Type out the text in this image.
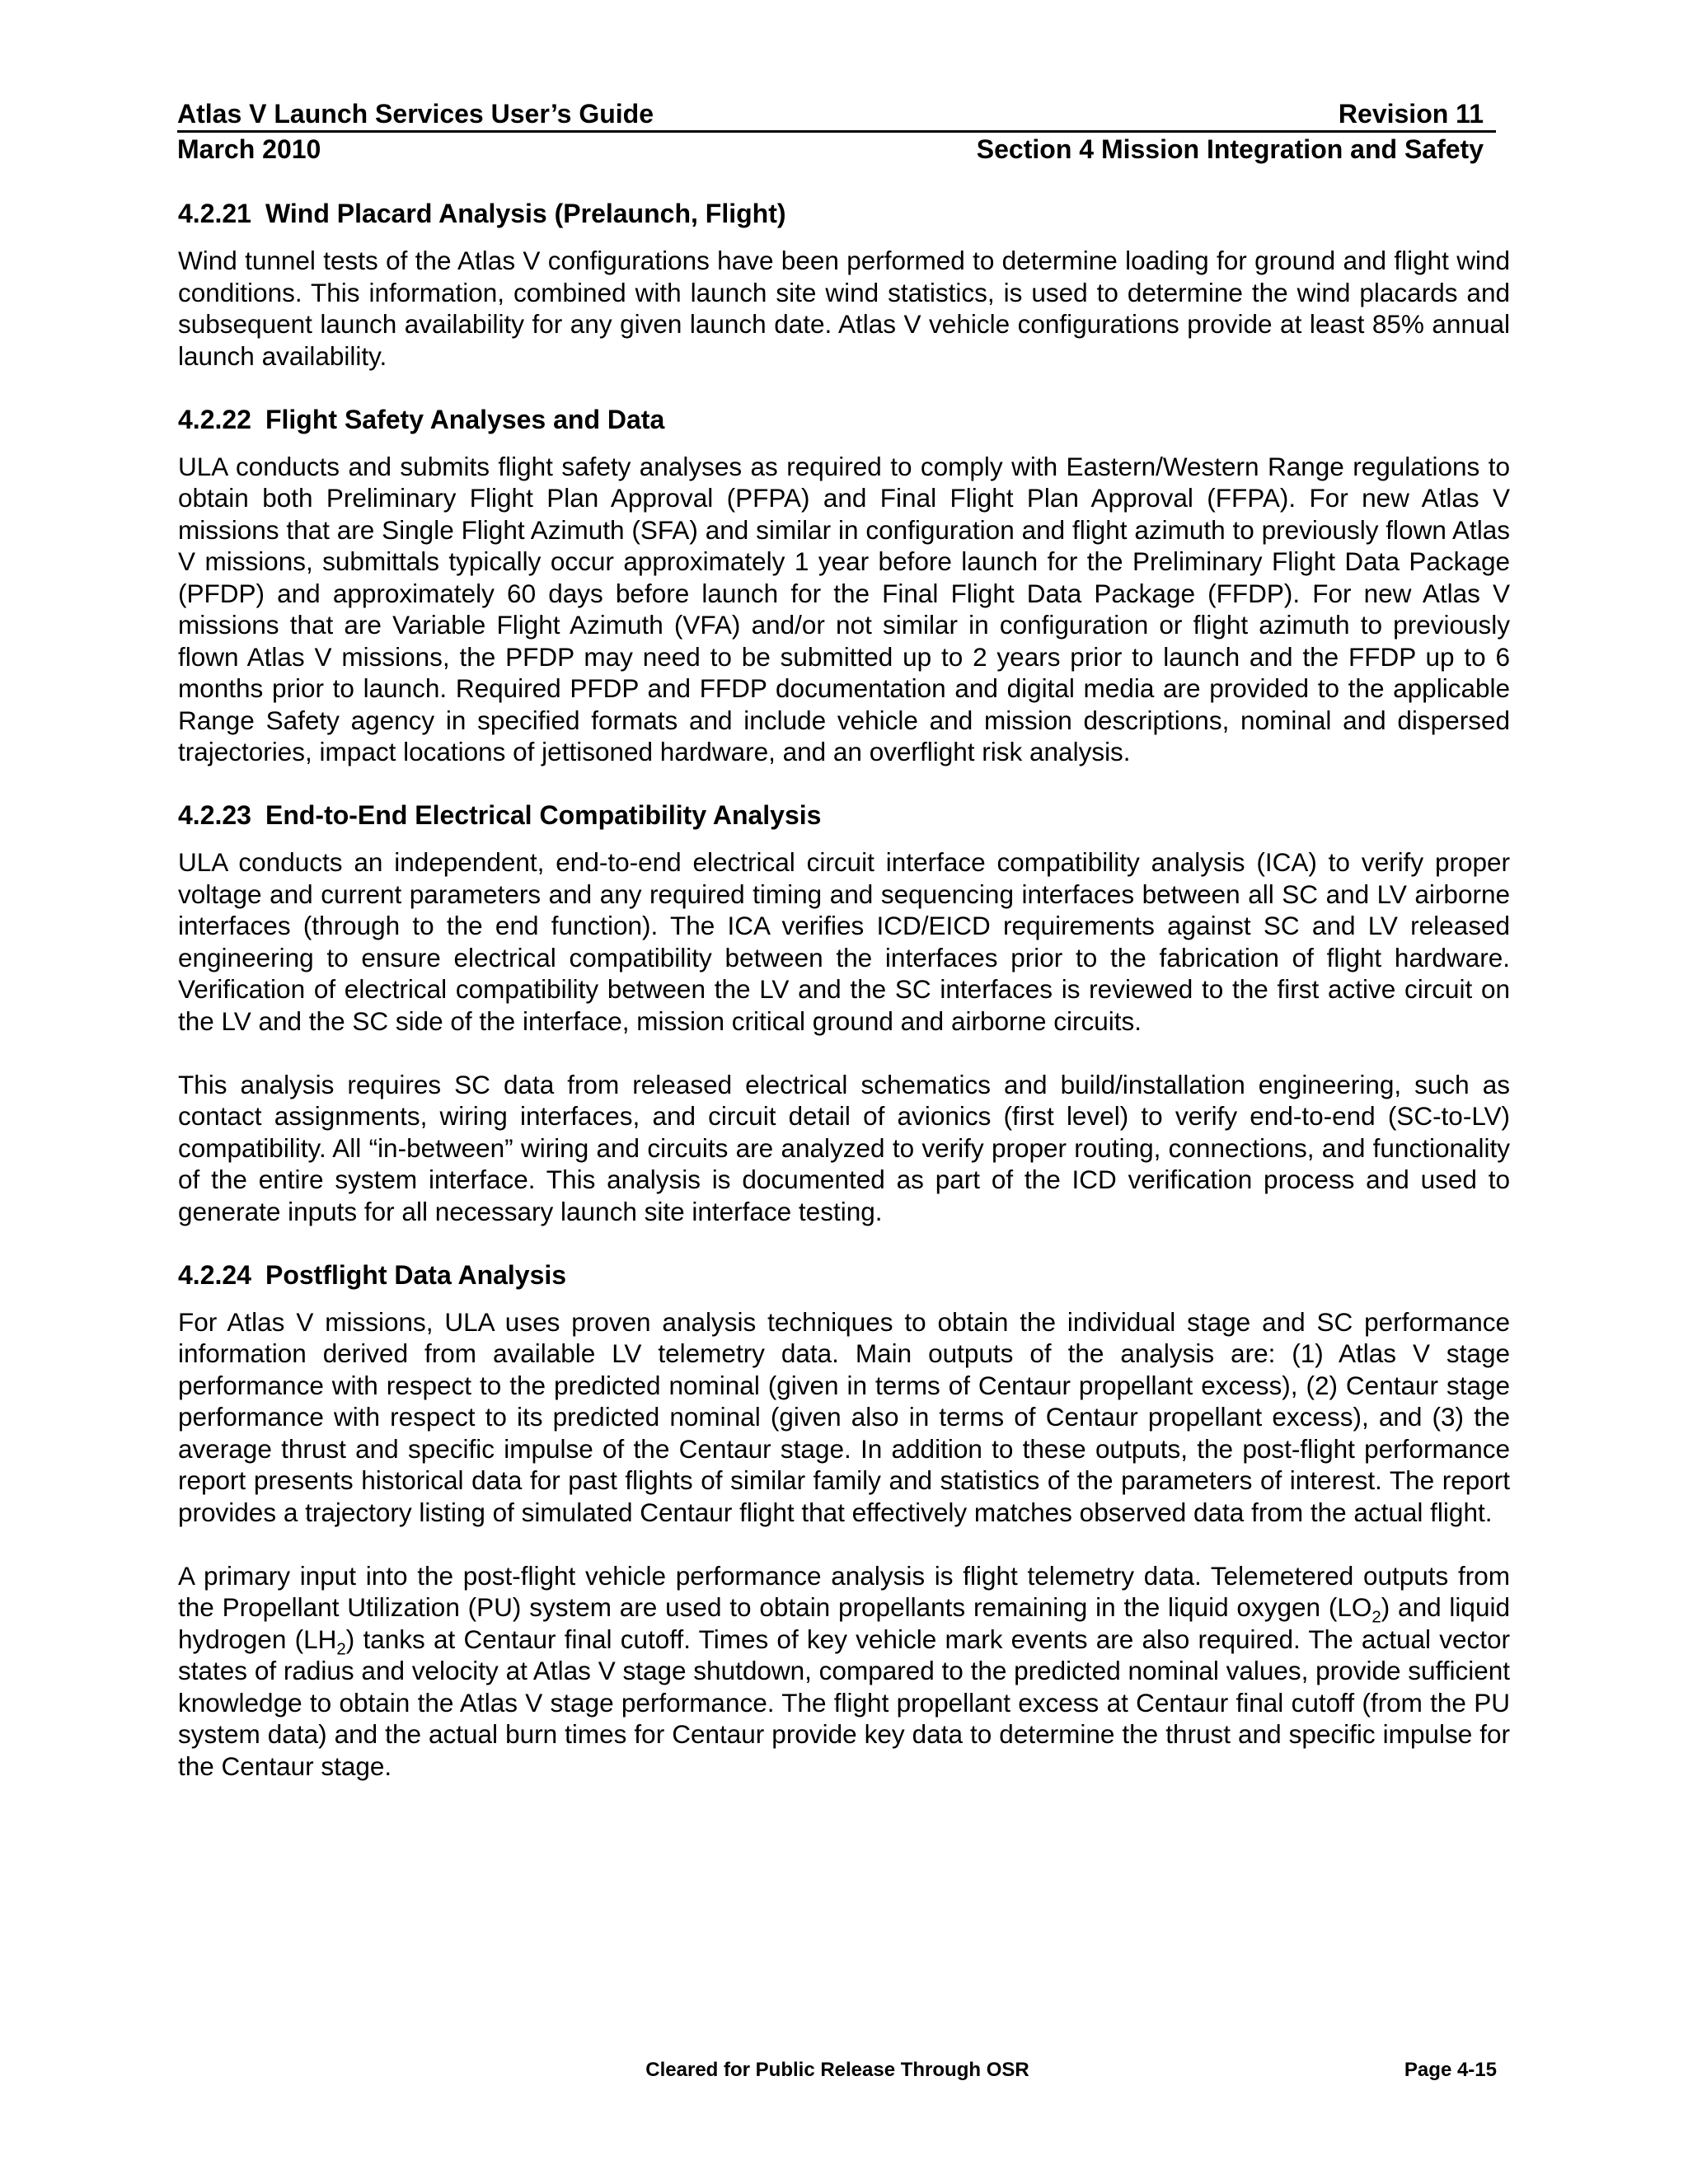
Atlas V Launch Services User’s Guide	Revision 11
March 2010	Section 4 Mission Integration and Safety
4.2.21 Wind Placard Analysis (Prelaunch, Flight)

Wind tunnel tests of the Atlas V configurations have been performed to determine loading for ground and flight wind conditions. This information, combined with launch site wind statistics, is used to determine the wind placards and subsequent launch availability for any given launch date. Atlas V vehicle configurations provide at least 85% annual launch availability.

4.2.22 Flight Safety Analyses and Data

ULA conducts and submits flight safety analyses as required to comply with Eastern/Western Range regulations to obtain both Preliminary Flight Plan Approval (PFPA) and Final Flight Plan Approval (FFPA). For new Atlas V missions that are Single Flight Azimuth (SFA) and similar in configuration and flight azimuth to previously flown Atlas V missions, submittals typically occur approximately 1 year before launch for the Preliminary Flight Data Package (PFDP) and approximately 60 days before launch for the Final Flight Data Package (FFDP). For new Atlas V missions that are Variable Flight Azimuth (VFA) and/or not similar in configuration or flight azimuth to previously flown Atlas V missions, the PFDP may need to be submitted up to 2 years prior to launch and the FFDP up to 6 months prior to launch. Required PFDP and FFDP documentation and digital media are provided to the applicable Range Safety agency in specified formats and include vehicle and mission descriptions, nominal and dispersed trajectories, impact locations of jettisoned hardware, and an overflight risk analysis.

4.2.23 End-to-End Electrical Compatibility Analysis

ULA conducts an independent, end-to-end electrical circuit interface compatibility analysis (ICA) to verify proper voltage and current parameters and any required timing and sequencing interfaces between all SC and LV airborne interfaces (through to the end function). The ICA verifies ICD/EICD requirements against SC and LV released engineering to ensure electrical compatibility between the interfaces prior to the fabrication of flight hardware. Verification of electrical compatibility between the LV and the SC interfaces is reviewed to the first active circuit on the LV and the SC side of the interface, mission critical ground and airborne circuits.

This analysis requires SC data from released electrical schematics and build/installation engineering, such as contact assignments, wiring interfaces, and circuit detail of avionics (first level) to verify end-to-end (SC-to-LV) compatibility. All “in-between” wiring and circuits are analyzed to verify proper routing, connections, and functionality of the entire system interface. This analysis is documented as part of the ICD verification process and used to generate inputs for all necessary launch site interface testing.

4.2.24 Postflight Data Analysis

For Atlas V missions, ULA uses proven analysis techniques to obtain the individual stage and SC performance information derived from available LV telemetry data. Main outputs of the analysis are: (1) Atlas V stage performance with respect to the predicted nominal (given in terms of Centaur propellant excess), (2) Centaur stage performance with respect to its predicted nominal (given also in terms of Centaur propellant excess), and (3) the average thrust and specific impulse of the Centaur stage. In addition to these outputs, the post-flight performance report presents historical data for past flights of similar family and statistics of the parameters of interest. The report provides a trajectory listing of simulated Centaur flight that effectively matches observed data from the actual flight.

A primary input into the post-flight vehicle performance analysis is flight telemetry data. Telemetered outputs from the Propellant Utilization (PU) system are used to obtain propellants remaining in the liquid oxygen $(LO_2)$ and liquid hydrogen $(LH_2)$ tanks at Centaur final cutoff. Times of key vehicle mark events are also required. The actual vector states of radius and velocity at Atlas V stage shutdown, compared to the predicted nominal values, provide sufficient knowledge to obtain the Atlas V stage performance. The flight propellant excess at Centaur final cutoff (from the PU system data) and the actual burn times for Centaur provide key data to determine the thrust and specific impulse for the Centaur stage.

Cleared for Public Release Through OSR	Page 4-15
